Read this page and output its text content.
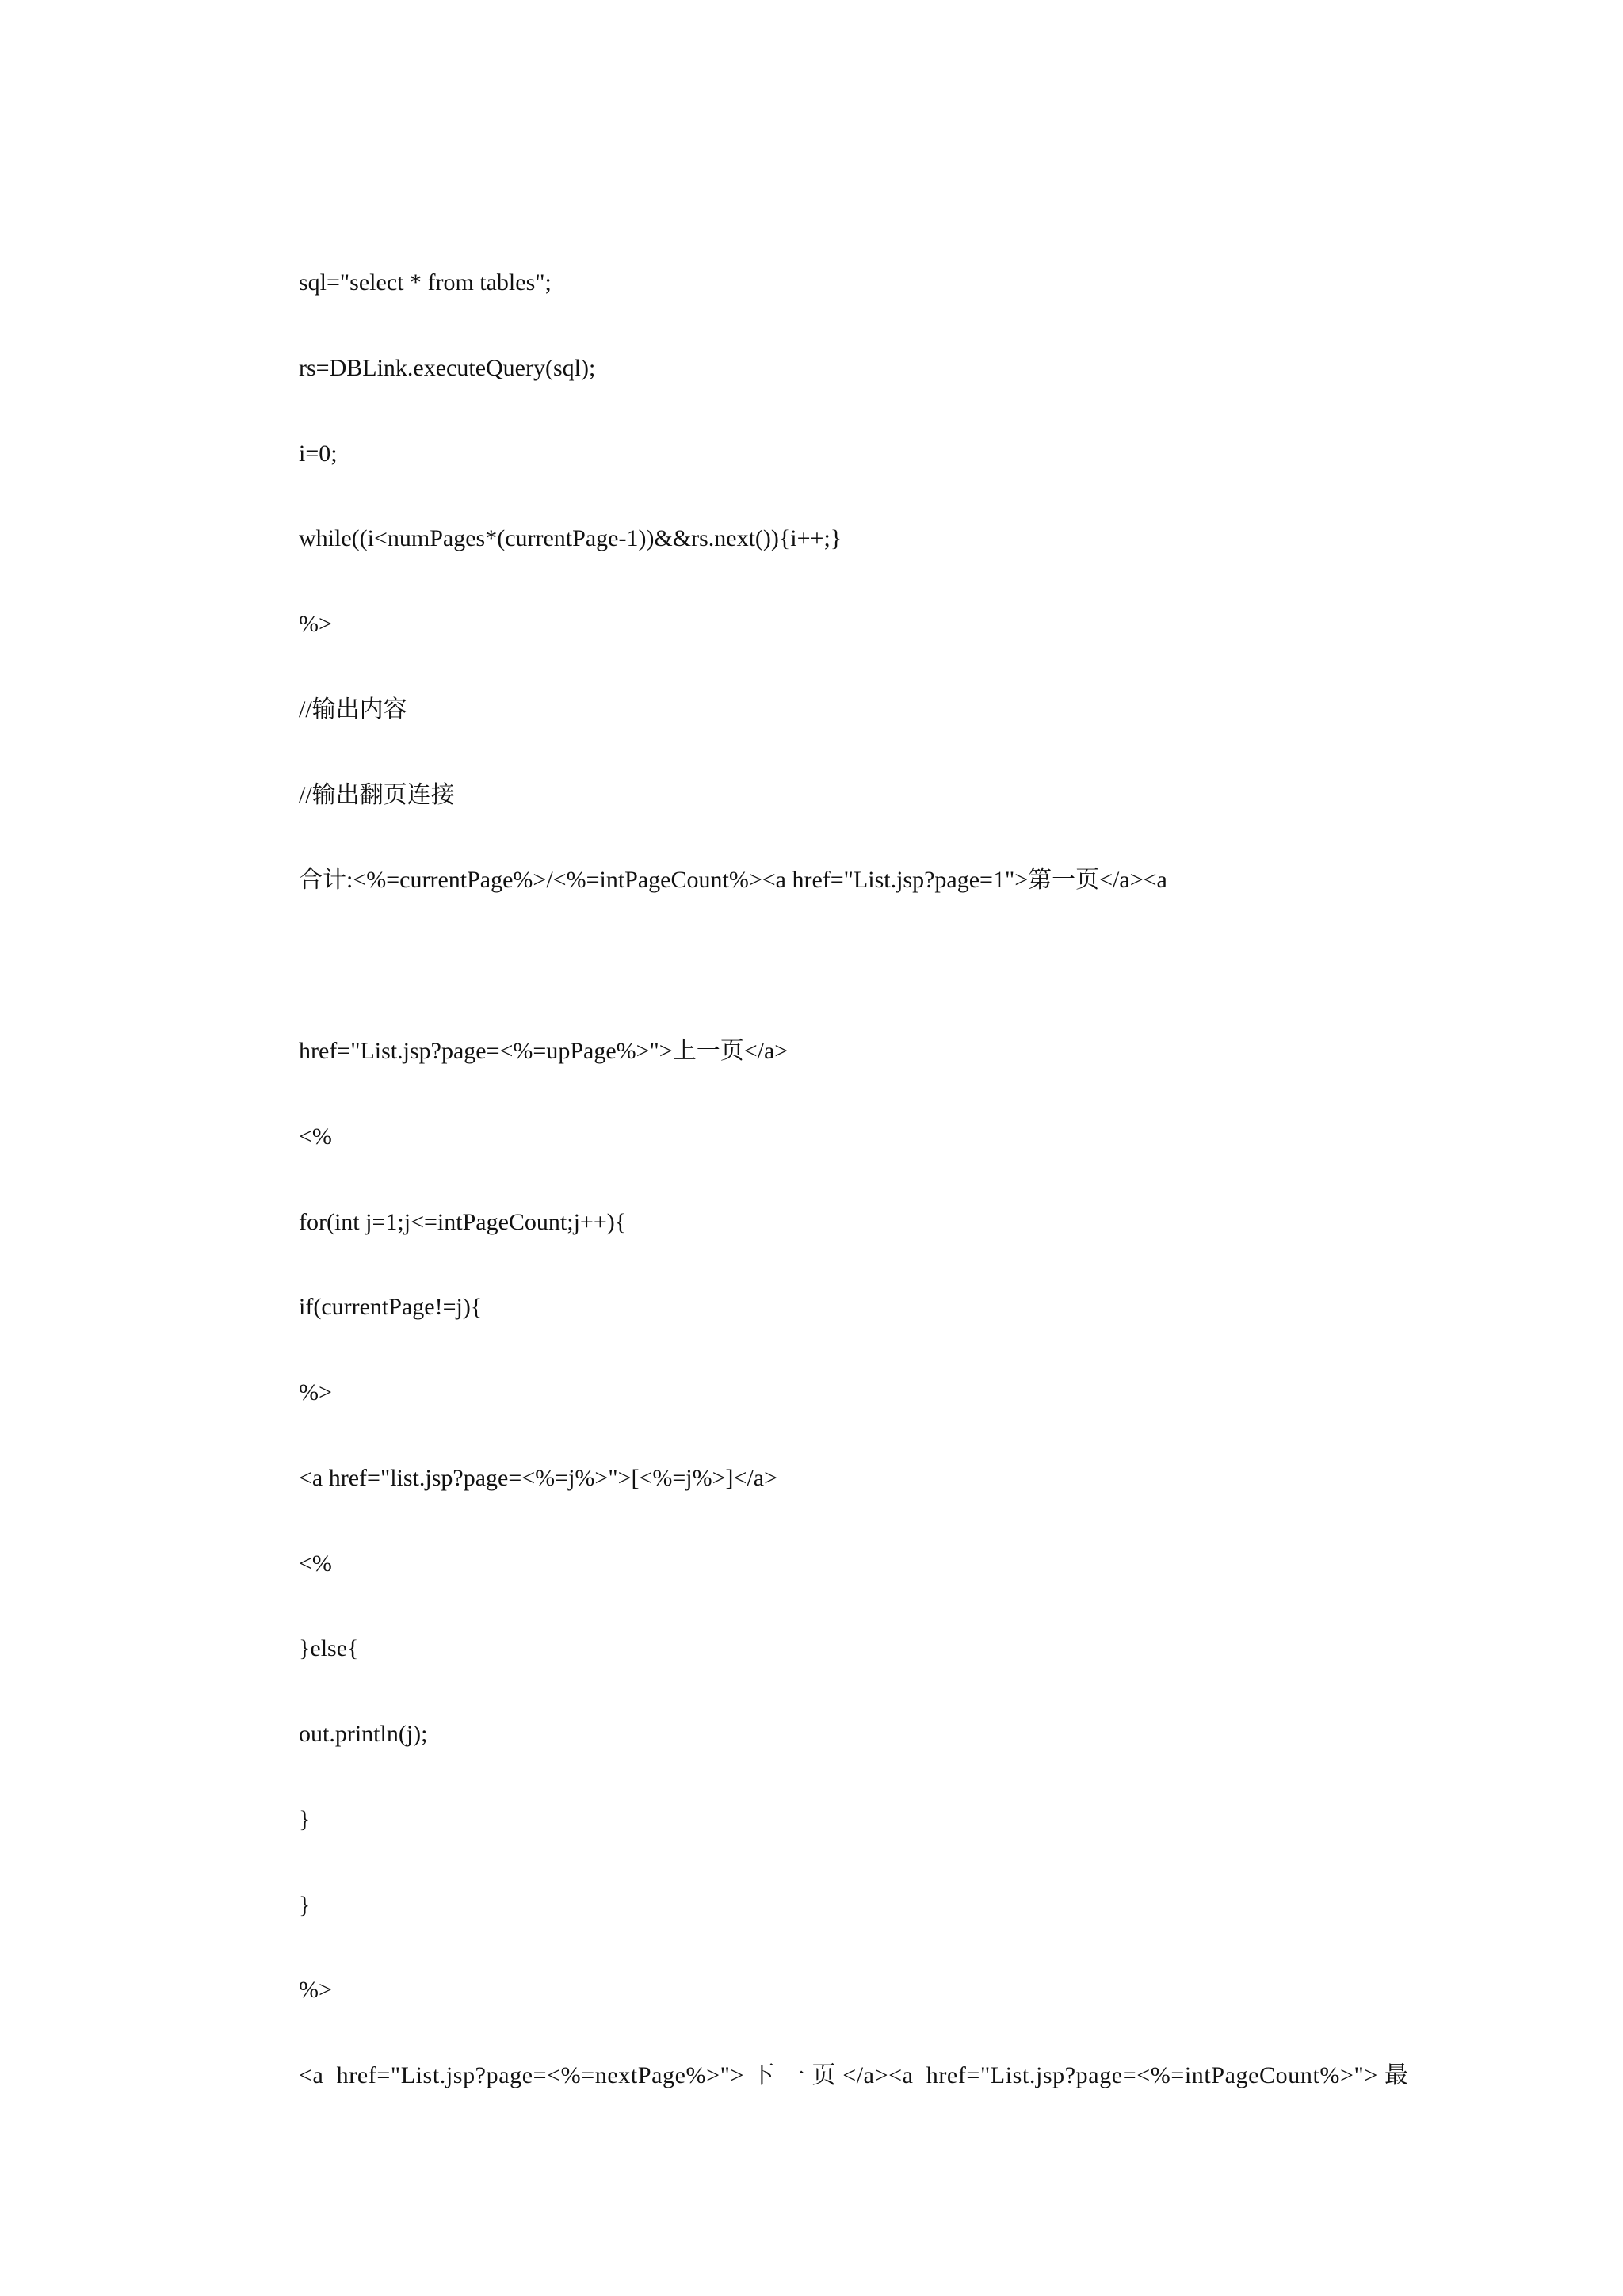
sql="select * from tables";
rs=DBLink.executeQuery(sql);
i=0;
while((i<numPages*(currentPage-1))&&rs.next()){i++;}
%>
//输出内容
//输出翻页连接
合计:<%=currentPage%>/<%=intPageCount%><a href="List.jsp?page=1">第一页</a><a
href="List.jsp?page=<%=upPage%>">上一页</a>
<%
for(int j=1;j<=intPageCount;j++){
if(currentPage!=j){
%>
<a href="list.jsp?page=<%=j%>">[<%=j%>]</a>
<%
}else{
out.println(j);
}
}
%>
<a  href="List.jsp?page=<%=nextPage%>"> 下 一 页 </a><a  href="List.jsp?page=<%=intPageCount%>"> 最
